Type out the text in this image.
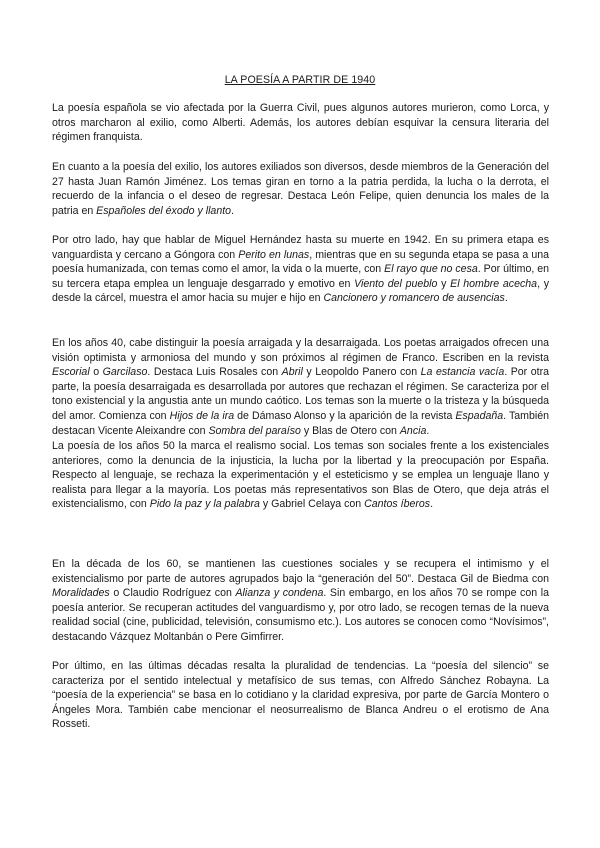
LA POESÍA A PARTIR DE 1940

La poesía española se vio afectada por la Guerra Civil, pues algunos autores murieron, como Lorca, y otros marcharon al exilio, como Alberti. Además, los autores debían esquivar la censura literaria del régimen franquista.

En cuanto a la poesía del exilio, los autores exiliados son diversos, desde miembros de la Generación del 27 hasta Juan Ramón Jiménez. Los temas giran en torno a la patria perdida, la lucha o la derrota, el recuerdo de la infancia o el deseo de regresar. Destaca León Felipe, quien denuncia los males de la patria en Españoles del éxodo y llanto.

Por otro lado, hay que hablar de Miguel Hernández hasta su muerte en 1942. En su primera etapa es vanguardista y cercano a Góngora con Perito en lunas, mientras que en su segunda etapa se pasa a una poesía humanizada, con temas como el amor, la vida o la muerte, con El rayo que no cesa. Por último, en su tercera etapa emplea un lenguaje desgarrado y emotivo en Viento del pueblo y El hombre acecha, y desde la cárcel, muestra el amor hacia su mujer e hijo en Cancionero y romancero de ausencias.

En los años 40, cabe distinguir la poesía arraigada y la desarraigada. Los poetas arraigados ofrecen una visión optimista y armoniosa del mundo y son próximos al régimen de Franco. Escriben en la revista Escorial o Garcilaso. Destaca Luis Rosales con Abril y Leopoldo Panero con La estancia vacía. Por otra parte, la poesía desarraigada es desarrollada por autores que rechazan el régimen. Se caracteriza por el tono existencial y la angustia ante un mundo caótico. Los temas son la muerte o la tristeza y la búsqueda del amor. Comienza con Hijos de la ira de Dámaso Alonso y la aparición de la revista Espadaña. También destacan Vicente Aleixandre con Sombra del paraíso y Blas de Otero con Ancia.

La poesía de los años 50 la marca el realismo social. Los temas son sociales frente a los existenciales anteriores, como la denuncia de la injusticia, la lucha por la libertad y la preocupación por España. Respecto al lenguaje, se rechaza la experimentación y el esteticismo y se emplea un lenguaje llano y realista para llegar a la mayoría. Los poetas más representativos son Blas de Otero, que deja atrás el existencialismo, con Pido la paz y la palabra y Gabriel Celaya con Cantos íberos.

En la década de los 60, se mantienen las cuestiones sociales y se recupera el intimismo y el existencialismo por parte de autores agrupados bajo la “generación del 50”. Destaca Gil de Biedma con Moralidades o Claudio Rodríguez con Alianza y condena. Sin embargo, en los años 70 se rompe con la poesía anterior. Se recuperan actitudes del vanguardismo y, por otro lado, se recogen temas de la nueva realidad social (cine, publicidad, televisión, consumismo etc.). Los autores se conocen como “Novísimos”, destacando Vázquez Moltanbán o Pere Gimfirrer.

Por último, en las últimas décadas resalta la pluralidad de tendencias. La “poesía del silencio” se caracteriza por el sentido intelectual y metafísico de sus temas, con Alfredo Sánchez Robayna. La “poesía de la experiencia” se basa en lo cotidiano y la claridad expresiva, por parte de García Montero o Ángeles Mora. También cabe mencionar el neosurrealismo de Blanca Andreu o el erotismo de Ana Rosseti.
